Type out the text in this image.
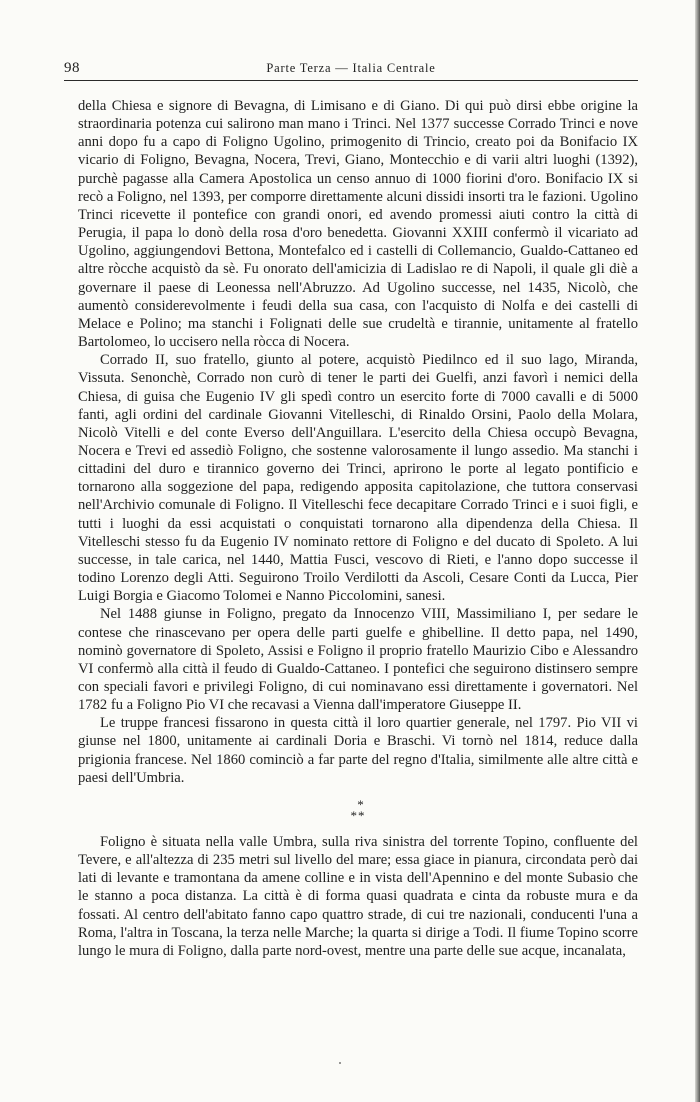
98	Parte Terza — Italia Centrale

della Chiesa e signore di Bevagna, di Limisano e di Giano. Di qui può dirsi ebbe origine la straordinaria potenza cui salirono man mano i Trinci. Nel 1377 successe Corrado Trinci e nove anni dopo fu a capo di Foligno Ugolino, primogenito di Trincio, creato poi da Bonifacio IX vicario di Foligno, Bevagna, Nocera, Trevi, Giano, Montecchio e di varii altri luoghi (1392), purchè pagasse alla Camera Apostolica un censo annuo di 1000 fiorini d'oro. Bonifacio IX si recò a Foligno, nel 1393, per comporre direttamente alcuni dissidi insorti tra le fazioni. Ugolino Trinci ricevette il pontefice con grandi onori, ed avendo promessi aiuti contro la città di Perugia, il papa lo donò della rosa d'oro benedetta. Giovanni XXIII confermò il vicariato ad Ugolino, aggiungendovi Bettona, Montefalco ed i castelli di Collemancio, Gualdo-Cattaneo ed altre ròcche acquistò da sè. Fu onorato dell'amicizia di Ladislao re di Napoli, il quale gli diè a governare il paese di Leonessa nell'Abruzzo. Ad Ugolino successe, nel 1435, Nicolò, che aumentò considerevolmente i feudi della sua casa, con l'acquisto di Nolfa e dei castelli di Melace e Polino; ma stanchi i Folignati delle sue crudeltà e tirannie, unitamente al fratello Bartolomeo, lo uccisero nella ròcca di Nocera.

Corrado II, suo fratello, giunto al potere, acquistò Piedilnco ed il suo lago, Miranda, Vissuta. Senonchè, Corrado non curò di tener le parti dei Guelfi, anzi favorì i nemici della Chiesa, di guisa che Eugenio IV gli spedì contro un esercito forte di 7000 cavalli e di 5000 fanti, agli ordini del cardinale Giovanni Vitelleschi, di Rinaldo Orsini, Paolo della Molara, Nicolò Vitelli e del conte Everso dell'Anguillara. L'esercito della Chiesa occupò Bevagna, Nocera e Trevi ed assediò Foligno, che sostenne valorosamente il lungo assedio. Ma stanchi i cittadini del duro e tirannico governo dei Trinci, aprirono le porte al legato pontificio e tornarono alla soggezione del papa, redigendo apposita capitolazione, che tuttora conservasi nell'Archivio comunale di Foligno. Il Vitelleschi fece decapitare Corrado Trinci e i suoi figli, e tutti i luoghi da essi acquistati o conquistati tornarono alla dipendenza della Chiesa. Il Vitelleschi stesso fu da Eugenio IV nominato rettore di Foligno e del ducato di Spoleto. A lui successe, in tale carica, nel 1440, Mattia Fusci, vescovo di Rieti, e l'anno dopo successe il todino Lorenzo degli Atti. Seguirono Troilo Verdilotti da Ascoli, Cesare Conti da Lucca, Pier Luigi Borgia e Giacomo Tolomei e Nanno Piccolomini, sanesi.

Nel 1488 giunse in Foligno, pregato da Innocenzo VIII, Massimiliano I, per sedare le contese che rinascevano per opera delle parti guelfe e ghibelline. Il detto papa, nel 1490, nominò governatore di Spoleto, Assisi e Foligno il proprio fratello Maurizio Cibo e Alessandro VI confermò alla città il feudo di Gualdo-Cattaneo. I pontefici che seguirono distinsero sempre con speciali favori e privilegi Foligno, di cui nominavano essi direttamente i governatori. Nel 1782 fu a Foligno Pio VI che recavasi a Vienna dall'imperatore Giuseppe II.

Le truppe francesi fissarono in questa città il loro quartier generale, nel 1797. Pio VII vi giunse nel 1800, unitamente ai cardinali Doria e Braschi. Vi tornò nel 1814, reduce dalla prigionia francese. Nel 1860 cominciò a far parte del regno d'Italia, similmente alle altre città e paesi dell'Umbria.

*
**

Foligno è situata nella valle Umbra, sulla riva sinistra del torrente Topino, confluente del Tevere, e all'altezza di 235 metri sul livello del mare; essa giace in pianura, circondata però dai lati di levante e tramontana da amene colline e in vista dell'Apennino e del monte Subasio che le stanno a poca distanza. La città è di forma quasi quadrata e cinta da robuste mura e da fossati. Al centro dell'abitato fanno capo quattro strade, di cui tre nazionali, conducenti l'una a Roma, l'altra in Toscana, la terza nelle Marche; la quarta si dirige a Todi. Il fiume Topino scorre lungo le mura di Foligno, dalla parte nord-ovest, mentre una parte delle sue acque, incanalata,
